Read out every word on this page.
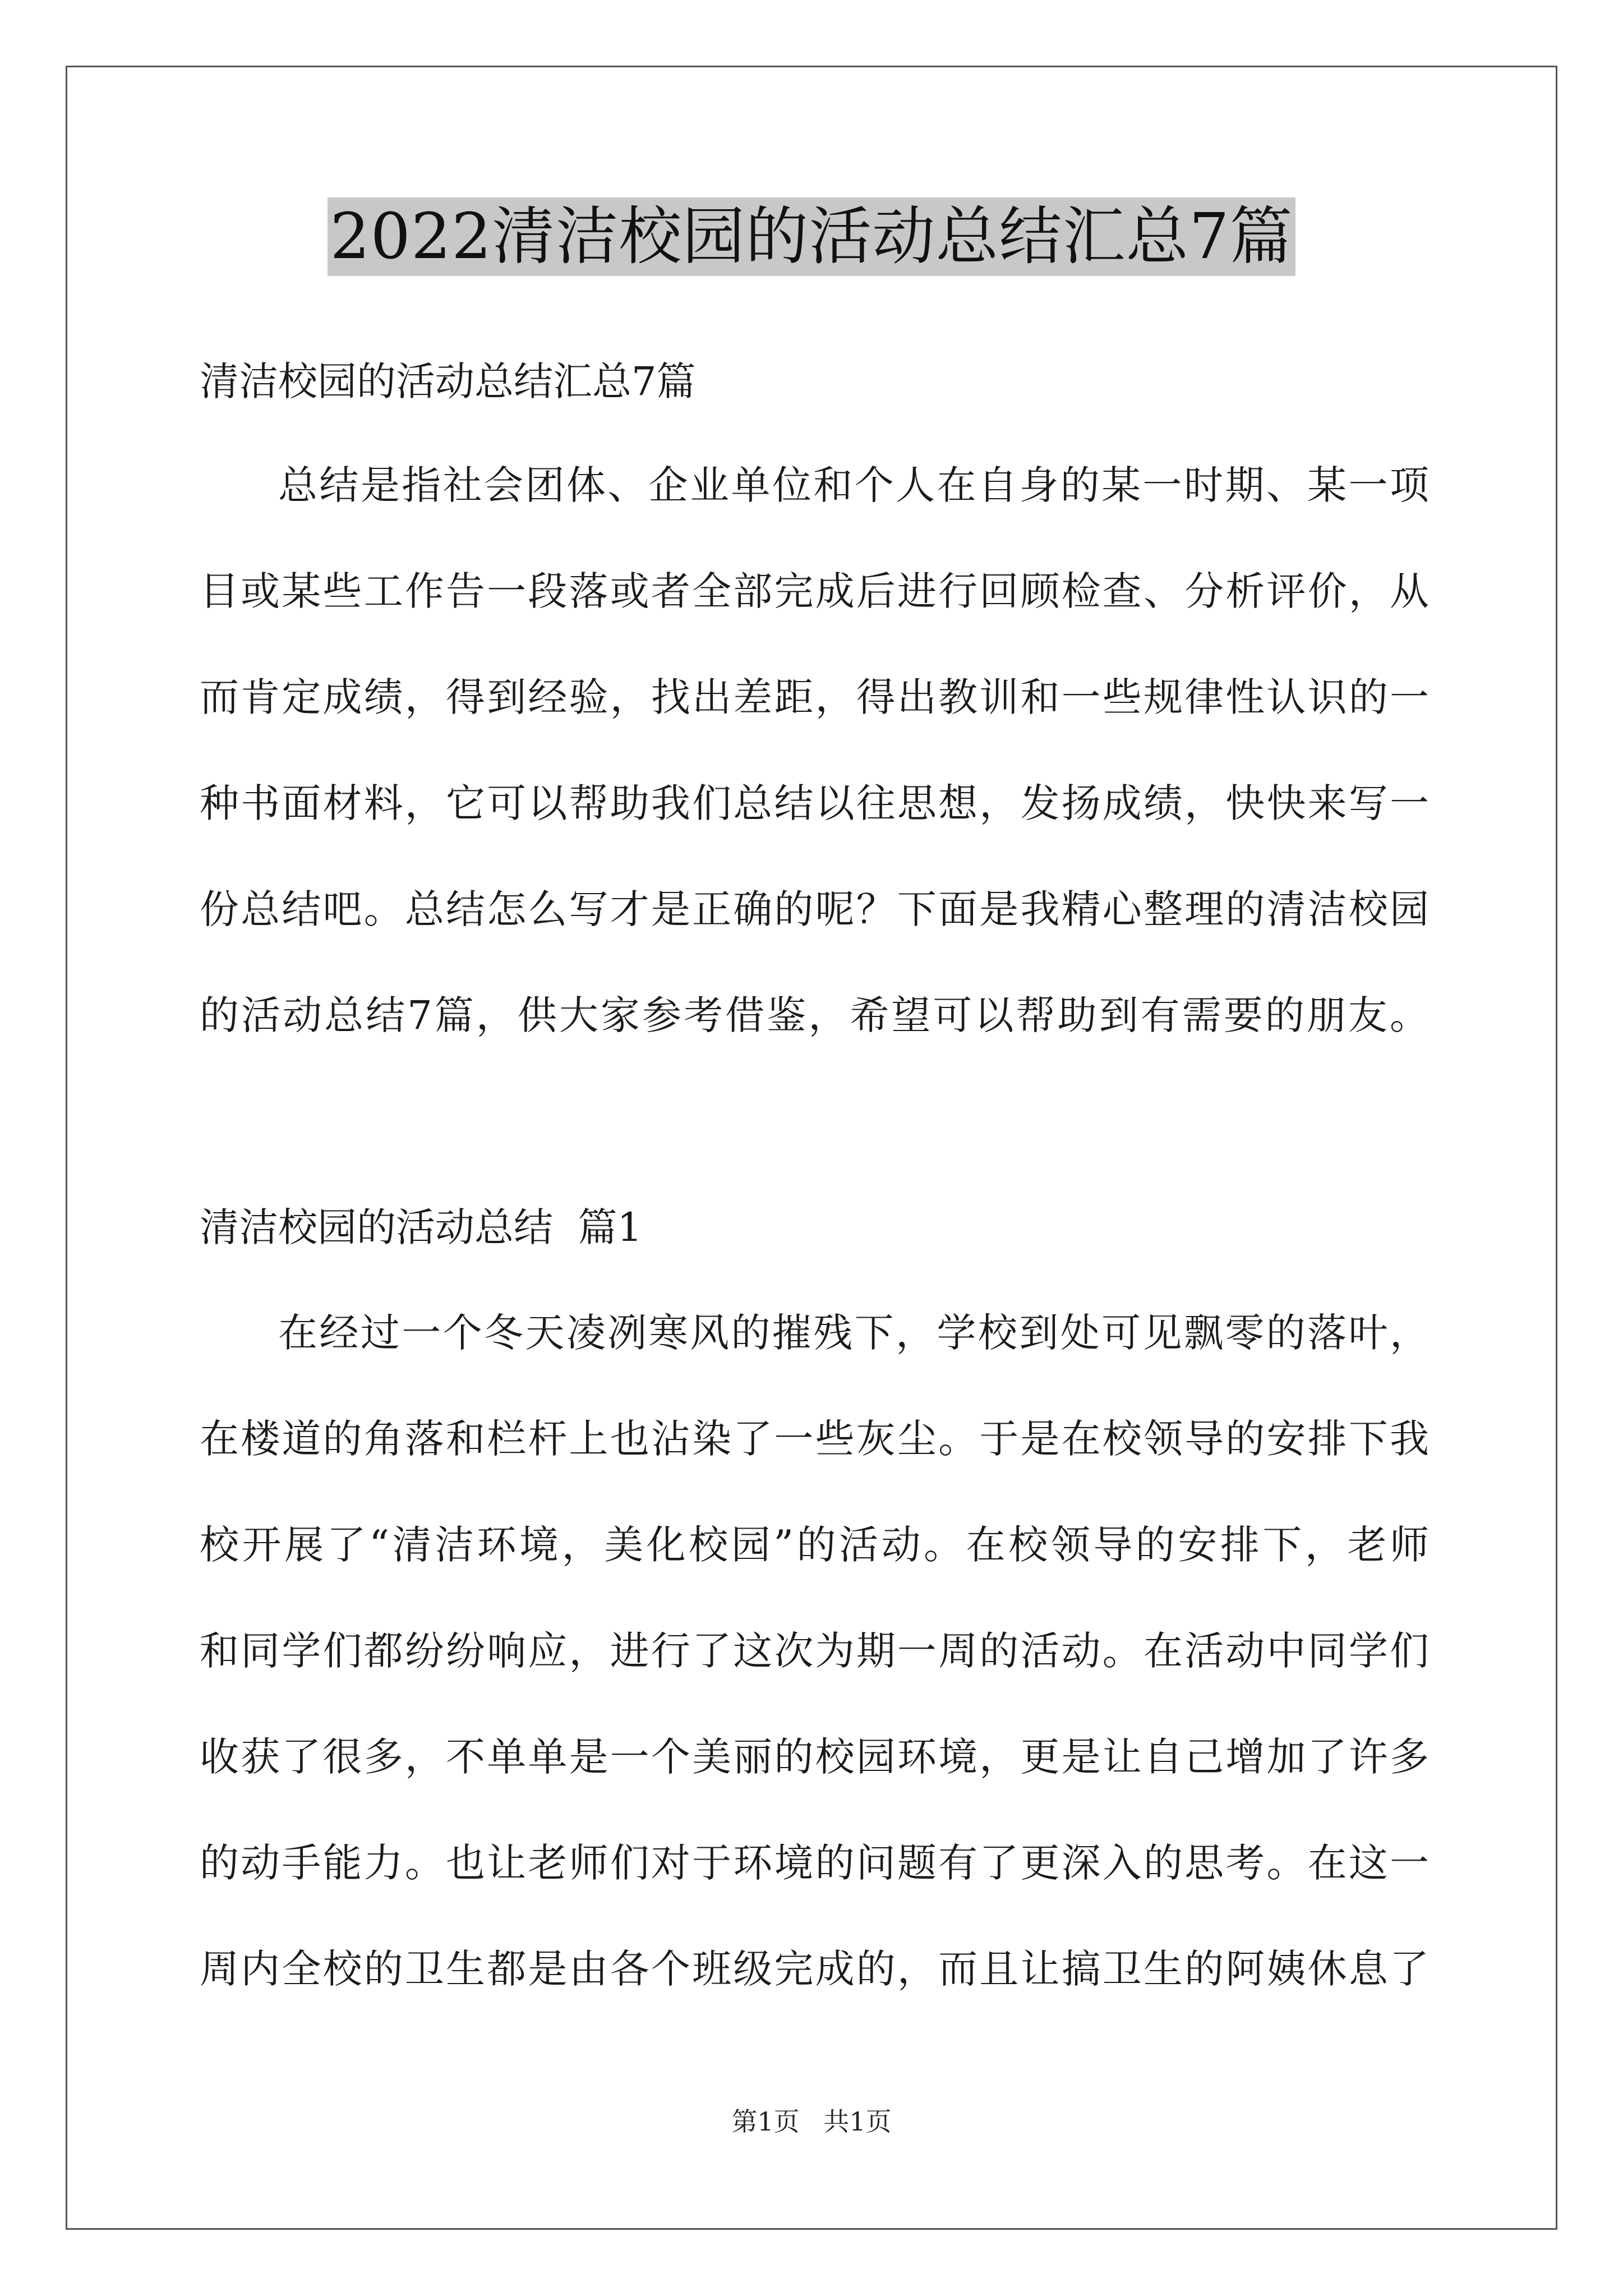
2022清洁校园的活动总结汇总7篇
清洁校园的活动总结汇总7篇
总结是指社会团体、企业单位和个人在自身的某一时期、某一项
目或某些工作告一段落或者全部完成后进行回顾检查、分析评价，从
而肯定成绩，得到经验，找出差距，得出教训和一些规律性认识的一
种书面材料，它可以帮助我们总结以往思想，发扬成绩，快快来写一
份总结吧。总结怎么写才是正确的呢？下面是我精心整理的清洁校园
的活动总结7篇，供大家参考借鉴，希望可以帮助到有需要的朋友。
清洁校园的活动总结  篇1
在经过一个冬天凌冽寒风的摧残下，学校到处可见飘零的落叶，
在楼道的角落和栏杆上也沾染了一些灰尘。于是在校领导的安排下我
校开展了“清洁环境，美化校园”的活动。在校领导的安排下，老师
和同学们都纷纷响应，进行了这次为期一周的活动。在活动中同学们
收获了很多，不单单是一个美丽的校园环境，更是让自己增加了许多
的动手能力。也让老师们对于环境的问题有了更深入的思考。在这一
周内全校的卫生都是由各个班级完成的，而且让搞卫生的阿姨休息了
第1页 共1页
